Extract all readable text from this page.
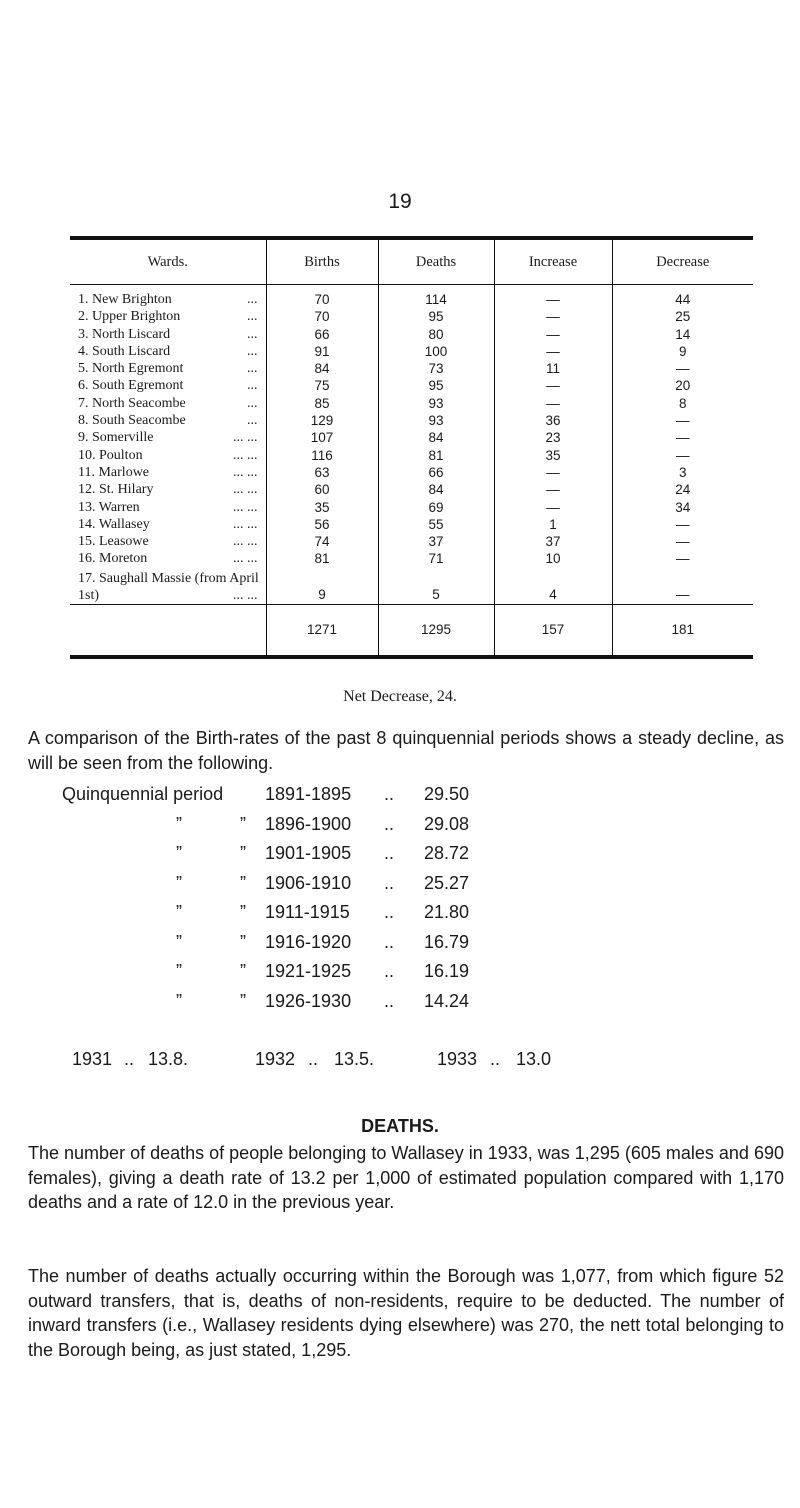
19
Wards.	Births	Deaths	Increase	Decrease
1. New Brighton  ...	70	114	—	44
2. Upper Brighton  ...	70	95	—	25
3. North Liscard  ...	66	80	—	14
4. South Liscard  ...	91	100	—	9
5. North Egremont  ...	84	73	11	—
6. South Egremont  ...	75	95	—	20
7. North Seacombe  ...	85	93	—	8
8. South Seacombe  ...	129	93	36	—
9. Somerville  ... ...	107	84	23	—
10. Poulton  ... ...	116	81	35	—
11. Marlowe  ... ...	63	66	—	3
12. St. Hilary  ... ...	60	84	—	24
13. Warren  ... ...	35	69	—	34
14. Wallasey  ... ...	56	55	1	—
15. Leasowe  ... ...	74	37	37	—
16. Moreton  ... ...	81	71	10	—
17. Saughall Massie (from April 1st)  ... ...	9	5	4	—
	1271	1295	157	181
Net Decrease, 24.

A comparison of the Birth-rates of the past 8 quinquennial periods shows a steady decline, as will be seen from the following.

Quinquennial period	1891-1895 .. 29.50
”	” 1896-1900 .. 29.08
”	” 1901-1905 .. 28.72
”	” 1906-1910 .. 25.27
”	” 1911-1915 .. 21.80
”	” 1916-1920 .. 16.79
”	” 1921-1925 .. 16.19
”	” 1926-1930 .. 14.24
1931 .. 13.8.	1932 .. 13.5.	1933 .. 13.0
DEATHS.

The number of deaths of people belonging to Wallasey in 1933, was 1,295 (605 males and 690 females), giving a death rate of 13.2 per 1,000 of estimated population compared with 1,170 deaths and a rate of 12.0 in the previous year.

The number of deaths actually occurring within the Borough was 1,077, from which figure 52 outward transfers, that is, deaths of non-residents, require to be deducted. The number of inward transfers (i.e., Wallasey residents dying elsewhere) was 270, the nett total belonging to the Borough being, as just stated, 1,295.
